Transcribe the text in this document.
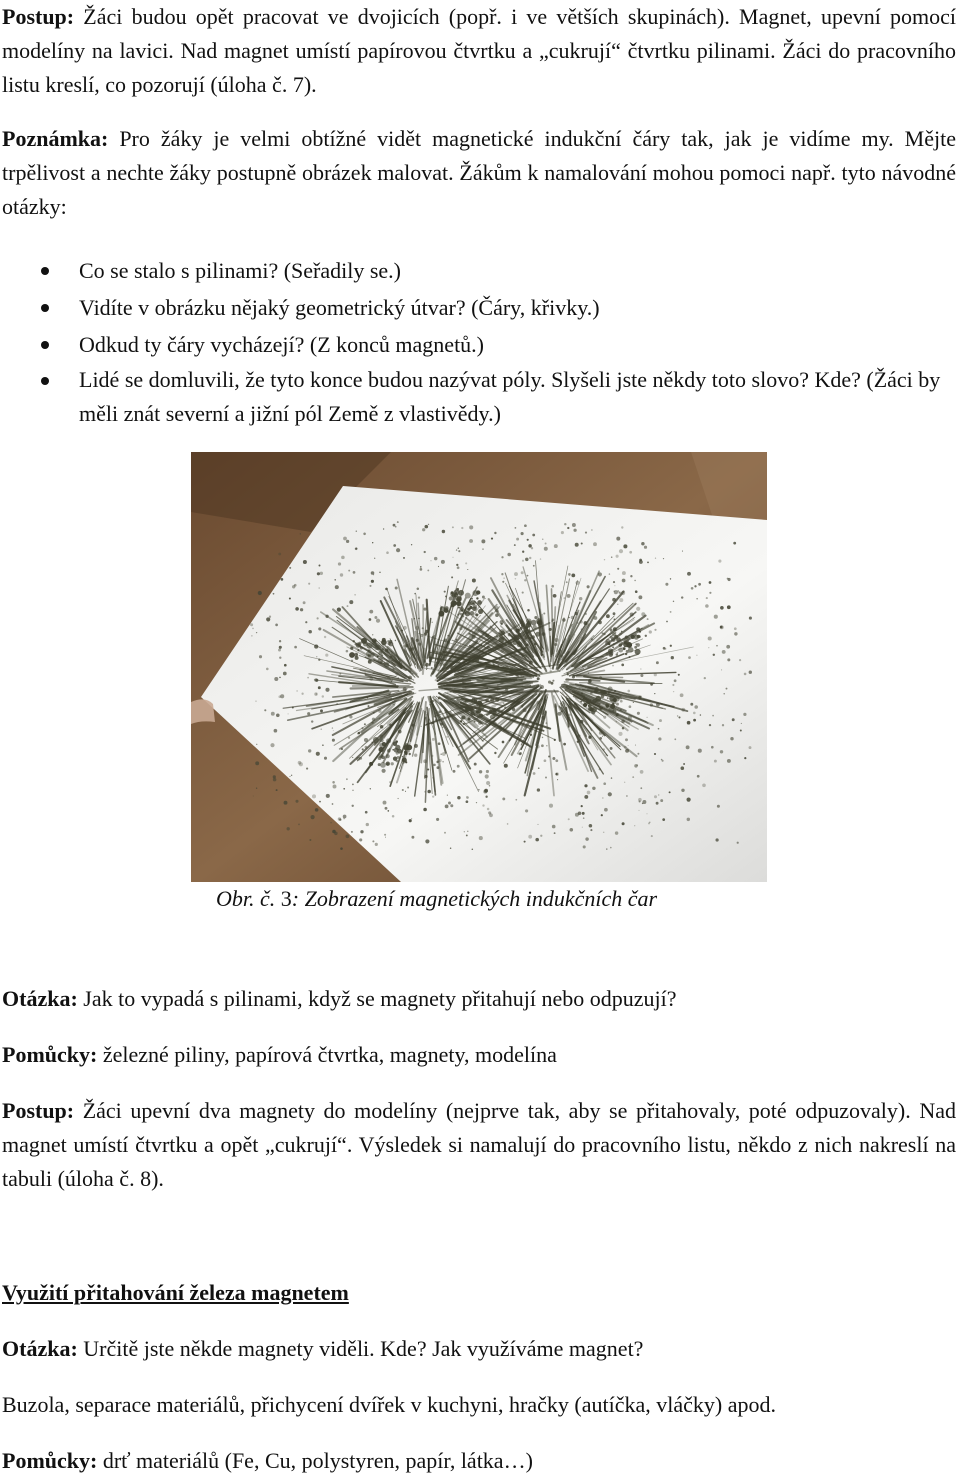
Postup: Žáci budou opět pracovat ve dvojicích (popř. i ve větších skupinách). Magnet, upevní pomocí modelíny na lavici. Nad magnet umístí papírovou čtvrtku a „cukrují“ čtvrtku pilinami. Žáci do pracovního listu kreslí, co pozorují (úloha č. 7).

Poznámka: Pro žáky je velmi obtížné vidět magnetické indukční čáry tak, jak je vidíme my. Mějte trpělivost a nechte žáky postupně obrázek malovat. Žákům k namalování mohou pomoci např. tyto návodné otázky:

Co se stalo s pilinami? (Seřadily se.)
Vidíte v obrázku nějaký geometrický útvar? (Čáry, křivky.)
Odkud ty čáry vycházejí? (Z konců magnetů.)
Lidé se domluvili, že tyto konce budou nazývat póly. Slyšeli jste někdy toto slovo? Kde? (Žáci by měli znát severní a jižní pól Země z vlastivědy.)
Obr. č. 3: Zobrazení magnetických indukčních čar

Otázka: Jak to vypadá s pilinami, když se magnety přitahují nebo odpuzují?

Pomůcky: železné piliny, papírová čtvrtka, magnety, modelína

Postup: Žáci upevní dva magnety do modelíny (nejprve tak, aby se přitahovaly, poté odpuzovaly). Nad magnet umístí čtvrtku a opět „cukrují“. Výsledek si namalují do pracovního listu, někdo z nich nakreslí na tabuli (úloha č. 8).

Využití přitahování železa magnetem

Otázka: Určitě jste někde magnety viděli. Kde? Jak využíváme magnet?

Buzola, separace materiálů, přichycení dvířek v kuchyni, hračky (autíčka, vláčky) apod.

Pomůcky: drť materiálů (Fe, Cu, polystyren, papír, látka…)
